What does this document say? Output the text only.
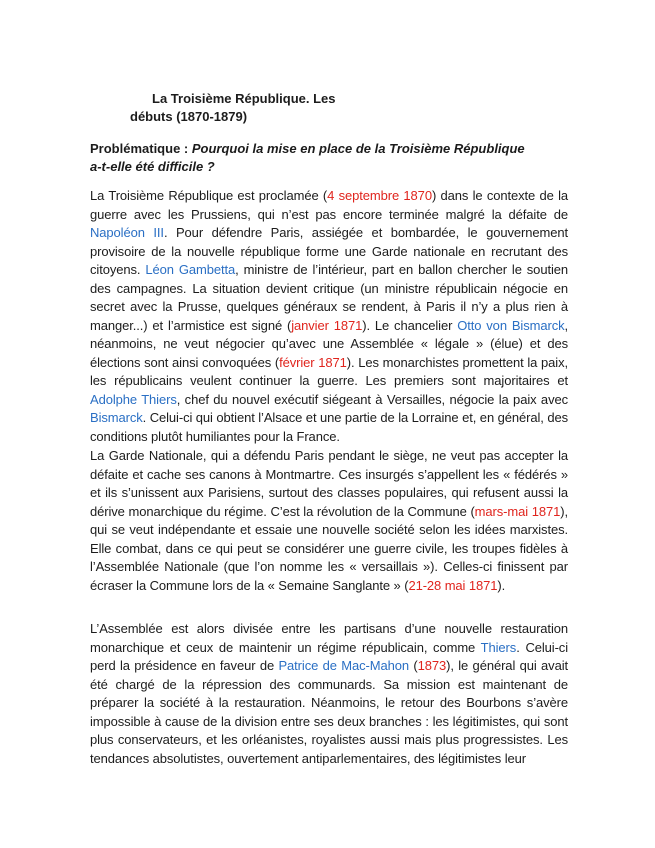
La Troisième République. Les
débuts (1870-1879)
Problématique : Pourquoi la mise en place de la Troisième République
a-t-elle été difficile ?
La Troisième République est proclamée (4 septembre 1870) dans le contexte de la guerre avec les Prussiens, qui n’est pas encore terminée malgré la défaite de Napoléon III. Pour défendre Paris, assiégée et bombardée, le gouvernement provisoire de la nouvelle république forme une Garde nationale en recrutant des citoyens. Léon Gambetta, ministre de l’intérieur, part en ballon chercher le soutien des campagnes. La situation devient critique (un ministre républicain négocie en secret avec la Prusse, quelques généraux se rendent, à Paris il n’y a plus rien à manger...) et l’armistice est signé (janvier 1871). Le chancelier Otto von Bismarck, néanmoins, ne veut négocier qu’avec une Assemblée « légale » (élue) et des élections sont ainsi convoquées (février 1871). Les monarchistes promettent la paix, les républicains veulent continuer la guerre. Les premiers sont majoritaires et Adolphe Thiers, chef du nouvel exécutif siégeant à Versailles, négocie la paix avec Bismarck. Celui-ci qui obtient l’Alsace et une partie de la Lorraine et, en général, des conditions plutôt humiliantes pour la France.
La Garde Nationale, qui a défendu Paris pendant le siège, ne veut pas accepter la défaite et cache ses canons à Montmartre. Ces insurgés s’appellent les « fédérés » et ils s’unissent aux Parisiens, surtout des classes populaires, qui refusent aussi la dérive monarchique du régime. C’est la révolution de la Commune (mars-mai 1871), qui se veut indépendante et essaie une nouvelle société selon les idées marxistes. Elle combat, dans ce qui peut se considérer une guerre civile, les troupes fidèles à l’Assemblée Nationale (que l’on nomme les « versaillais »). Celles-ci finissent par écraser la Commune lors de la « Semaine Sanglante » (21-28 mai 1871).
L’Assemblée est alors divisée entre les partisans d’une nouvelle restauration monarchique et ceux de maintenir un régime républicain, comme Thiers. Celui-ci perd la présidence en faveur de Patrice de Mac-Mahon (1873), le général qui avait été chargé de la répression des communards. Sa mission est maintenant de préparer la société à la restauration. Néanmoins, le retour des Bourbons s’avère impossible à cause de la division entre ses deux branches : les légitimistes, qui sont plus conservateurs, et les orléanistes, royalistes aussi mais plus progressistes. Les tendances absolutistes, ouvertement antiparlementaires, des légitimistes leur
